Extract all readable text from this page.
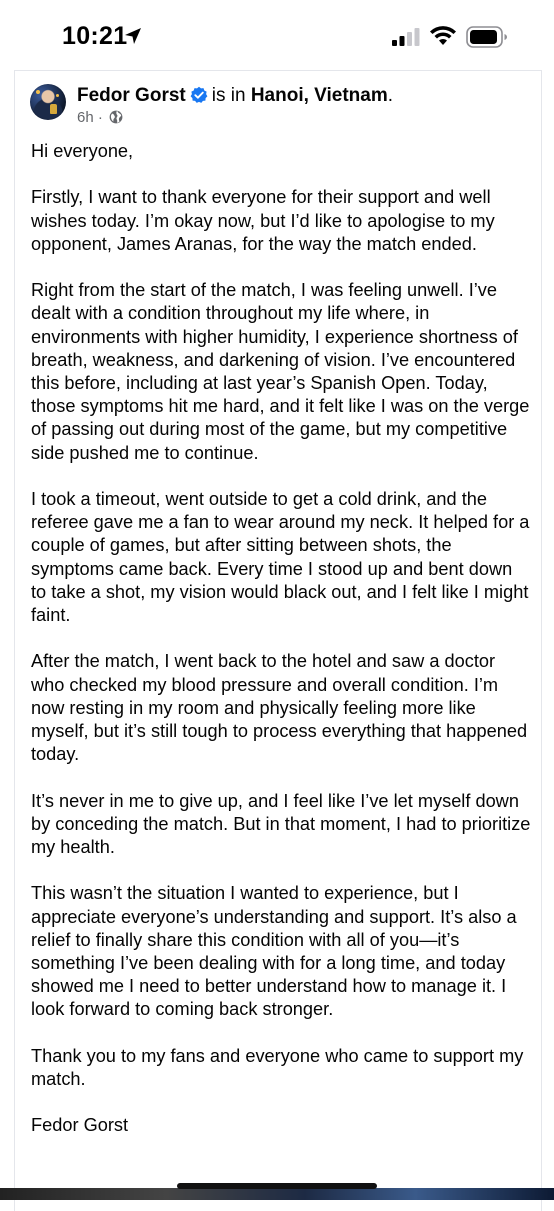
10:21
Fedor Gorst is in Hanoi, Vietnam.
6h ·

Hi everyone,

Firstly, I want to thank everyone for their support and well wishes today. I’m okay now, but I’d like to apologise to my opponent, James Aranas, for the way the match ended.

Right from the start of the match, I was feeling unwell. I’ve dealt with a condition throughout my life where, in environments with higher humidity, I experience shortness of breath, weakness, and darkening of vision. I’ve encountered this before, including at last year’s Spanish Open. Today, those symptoms hit me hard, and it felt like I was on the verge of passing out during most of the game, but my competitive side pushed me to continue.

I took a timeout, went outside to get a cold drink, and the referee gave me a fan to wear around my neck. It helped for a couple of games, but after sitting between shots, the symptoms came back. Every time I stood up and bent down to take a shot, my vision would black out, and I felt like I might faint.

After the match, I went back to the hotel and saw a doctor who checked my blood pressure and overall condition. I’m now resting in my room and physically feeling more like myself, but it’s still tough to process everything that happened today.

It’s never in me to give up, and I feel like I’ve let myself down by conceding the match. But in that moment, I had to prioritize my health.

This wasn’t the situation I wanted to experience, but I appreciate everyone’s understanding and support. It’s also a relief to finally share this condition with all of you—it’s something I’ve been dealing with for a long time, and today showed me I need to better understand how to manage it. I look forward to coming back stronger.

Thank you to my fans and everyone who came to support my match.

Fedor Gorst
